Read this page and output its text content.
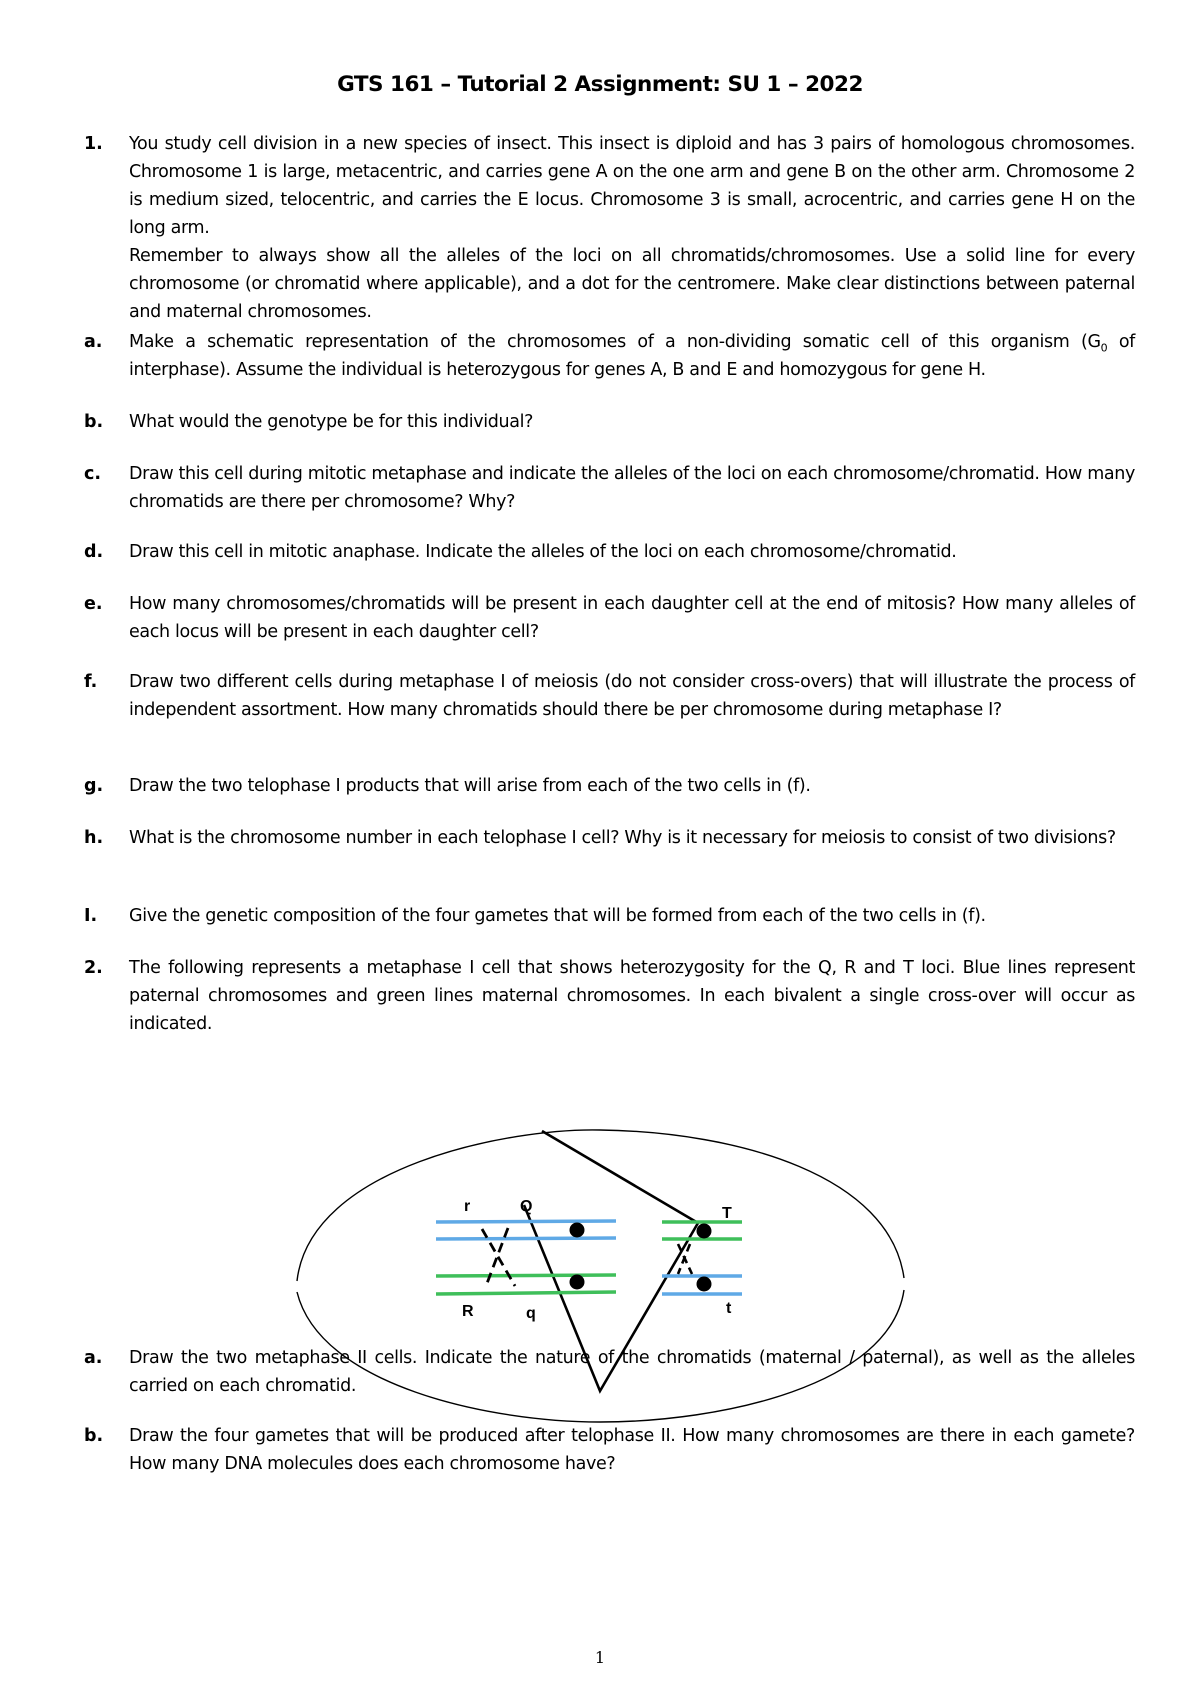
GTS 161 – Tutorial 2 Assignment: SU 1 – 2022
1. You study cell division in a new species of insect. This insect is diploid and has 3 pairs of homologous chromosomes. Chromosome 1 is large, metacentric, and carries gene A on the one arm and gene B on the other arm. Chromosome 2 is medium sized, telocentric, and carries the E locus. Chromosome 3 is small, acrocentric, and carries gene H on the long arm.

Remember to always show all the alleles of the loci on all chromatids/chromosomes. Use a solid line for every chromosome (or chromatid where applicable), and a dot for the centromere. Make clear distinctions between paternal and maternal chromosomes.

a. Make a schematic representation of the chromosomes of a non-dividing somatic cell of this organism ($G_0$ of interphase). Assume the individual is heterozygous for genes A, B and E and homozygous for gene H.
b. What would the genotype be for this individual?
c. Draw this cell during mitotic metaphase and indicate the alleles of the loci on each chromosome/chromatid. How many chromatids are there per chromosome? Why?
d. Draw this cell in mitotic anaphase. Indicate the alleles of the loci on each chromosome/chromatid.
e. How many chromosomes/chromatids will be present in each daughter cell at the end of mitosis? How many alleles of each locus will be present in each daughter cell?
f. Draw two different cells during metaphase I of meiosis (do not consider cross-overs) that will illustrate the process of independent assortment. How many chromatids should there be per chromosome during metaphase I?
g. Draw the two telophase I products that will arise from each of the two cells in (f).
h. What is the chromosome number in each telophase I cell? Why is it necessary for meiosis to consist of two divisions?
I. Give the genetic composition of the four gametes that will be formed from each of the two cells in (f).
2. The following represents a metaphase I cell that shows heterozygosity for the Q, R and T loci. Blue lines represent paternal chromosomes and green lines maternal chromosomes. In each bivalent a single cross-over will occur as indicated.
r	Q
R	q
T
t
a. Draw the two metaphase II cells. Indicate the nature of the chromatids (maternal / paternal), as well as the alleles carried on each chromatid.
b. Draw the four gametes that will be produced after telophase II. How many chromosomes are there in each gamete? How many DNA molecules does each chromosome have?
1
